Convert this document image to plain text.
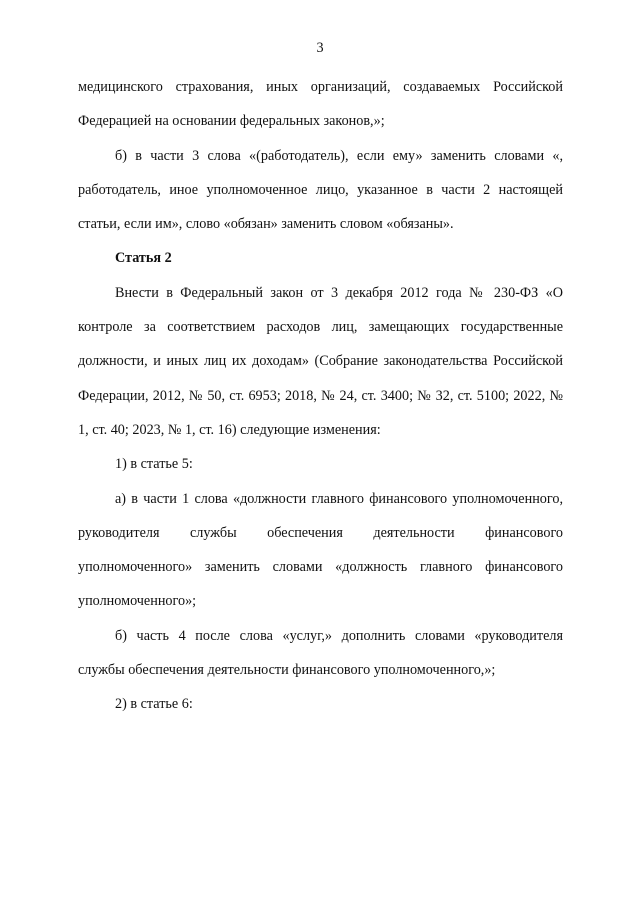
3

медицинского страхования, иных организаций, создаваемых Российской Федерацией на основании федеральных законов,»;

б) в части 3 слова «(работодатель), если ему» заменить словами «, работодатель, иное уполномоченное лицо, указанное в части 2 настоящей статьи, если им», слово «обязан» заменить словом «обязаны».

Статья 2

Внести в Федеральный закон от 3 декабря 2012 года № 230-ФЗ «О контроле за соответствием расходов лиц, замещающих государственные должности, и иных лиц их доходам» (Собрание законодательства Российской Федерации, 2012, № 50, ст. 6953; 2018, № 24, ст. 3400; № 32, ст. 5100; 2022, № 1, ст. 40; 2023, № 1, ст. 16) следующие изменения:

1) в статье 5:

а) в части 1 слова «должности главного финансового уполномоченного, руководителя службы обеспечения деятельности финансового уполномоченного» заменить словами «должность главного финансового уполномоченного»;

б) часть 4 после слова «услуг,» дополнить словами «руководителя службы обеспечения деятельности финансового уполномоченного,»;

2) в статье 6:
